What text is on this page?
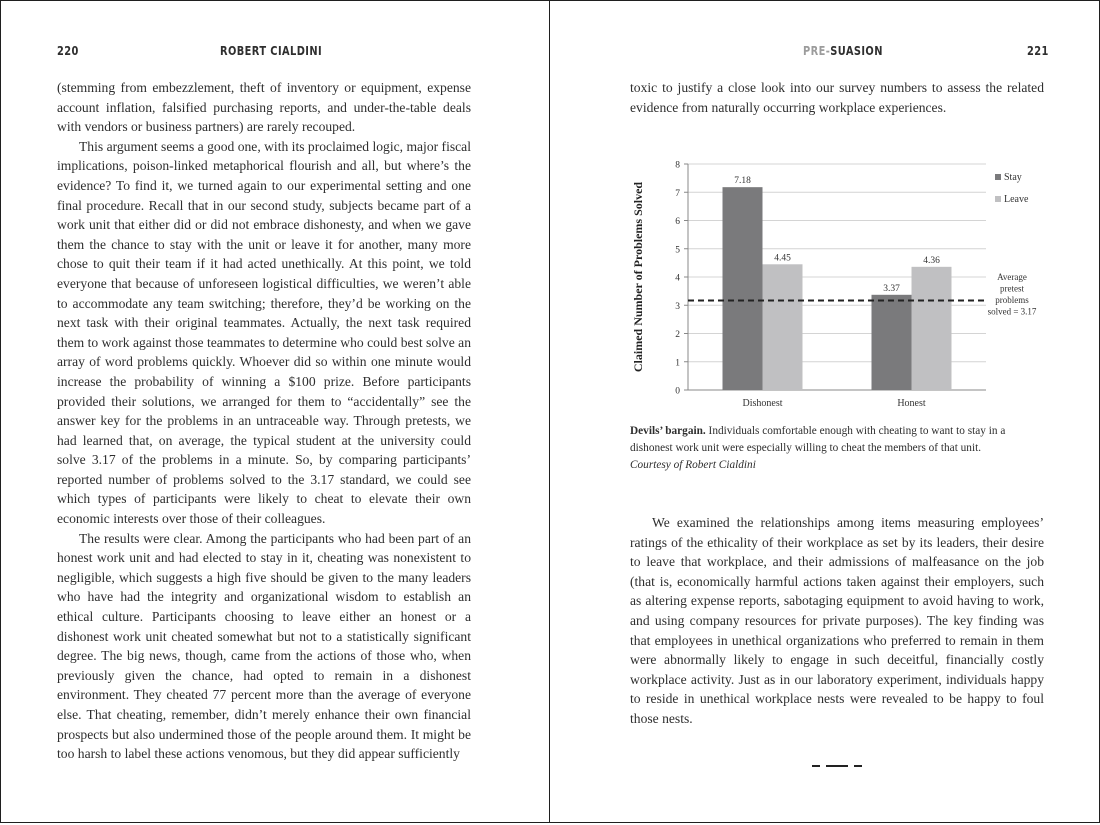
220	ROBERT CIALDINI	PRE-SUASION	221

(stemming from embezzlement, theft of inventory or equipment, expense account inflation, falsified purchasing reports, and under-the-table deals with vendors or business partners) are rarely recouped.

This argument seems a good one, with its proclaimed logic, major fiscal implications, poison-linked metaphorical flourish and all, but where’s the evidence? To find it, we turned again to our experimental setting and one final procedure. Recall that in our second study, subjects became part of a work unit that either did or did not embrace dishonesty, and when we gave them the chance to stay with the unit or leave it for another, many more chose to quit their team if it had acted unethically. At this point, we told everyone that because of unforeseen logistical difficulties, we weren’t able to accommodate any team switching; therefore, they’d be working on the next task with their original teammates. Actually, the next task required them to work against those teammates to determine who could best solve an array of word problems quickly. Whoever did so within one minute would increase the probability of winning a $100 prize. Before participants provided their solutions, we arranged for them to “accidentally” see the answer key for the problems in an untraceable way. Through pretests, we had learned that, on average, the typical student at the university could solve 3.17 of the problems in a minute. So, by comparing participants’ reported number of problems solved to the 3.17 standard, we could see which types of participants were likely to cheat to elevate their own economic interests over those of their colleagues.

The results were clear. Among the participants who had been part of an honest work unit and had elected to stay in it, cheating was nonexistent to negligible, which suggests a high five should be given to the many leaders who have had the integrity and organizational wisdom to establish an ethical culture. Participants choosing to leave either an honest or a dishonest work unit cheated somewhat but not to a statistically significant degree. The big news, though, came from the actions of those who, when previously given the chance, had opted to remain in a dishonest environment. They cheated 77 percent more than the average of everyone else. That cheating, remember, didn’t merely enhance their own financial prospects but also undermined those of the people around them. It might be too harsh to label these actions venomous, but they did appear sufficiently

toxic to justify a close look into our survey numbers to assess the related evidence from naturally occurring workplace experiences.

0
1
2
3
4
5
6
7
8
7.18
4.45
Dishonest
3.37
4.36
Honest
Average
pretest
problems
solved = 3.17
Stay
Leave
Claimed Number of Problems Solved
Devils’ bargain. Individuals comfortable enough with cheating to want to stay in a dishonest work unit were especially willing to cheat the members of that unit.
Courtesy of Robert Cialdini

We examined the relationships among items measuring employees’ ratings of the ethicality of their workplace as set by its leaders, their desire to leave that workplace, and their admissions of malfeasance on the job (that is, economically harmful actions taken against their employers, such as altering expense reports, sabotaging equipment to avoid having to work, and using company resources for private purposes). The key finding was that employees in unethical organizations who preferred to remain in them were abnormally likely to engage in such deceitful, financially costly workplace activity. Just as in our laboratory experiment, individuals happy to reside in unethical workplace nests were revealed to be happy to foul those nests.
